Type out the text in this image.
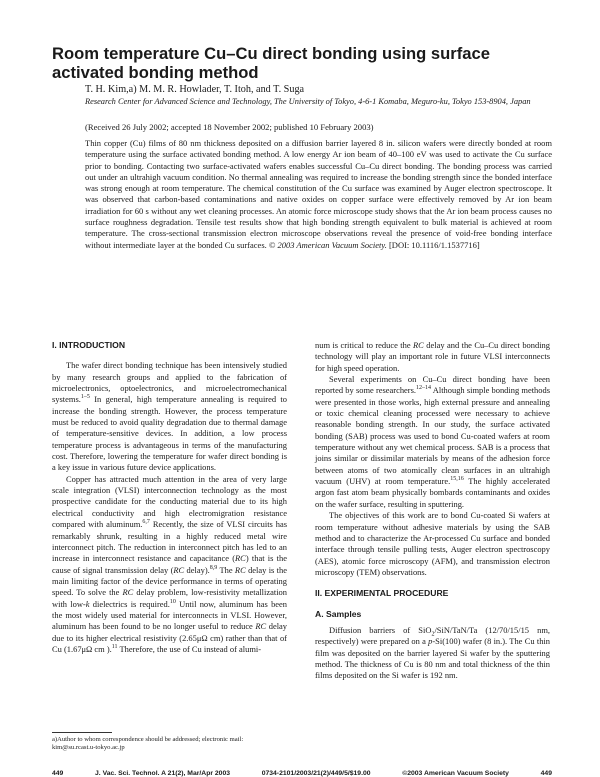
Room temperature Cu–Cu direct bonding using surface activated bonding method
T. H. Kim,a) M. M. R. Howlader, T. Itoh, and T. Suga
Research Center for Advanced Science and Technology, The University of Tokyo, 4-6-1 Komaba, Meguro-ku, Tokyo 153-8904, Japan
(Received 26 July 2002; accepted 18 November 2002; published 10 February 2003)
Thin copper (Cu) films of 80 nm thickness deposited on a diffusion barrier layered 8 in. silicon wafers were directly bonded at room temperature using the surface activated bonding method. A low energy Ar ion beam of 40–100 eV was used to activate the Cu surface prior to bonding. Contacting two surface-activated wafers enables successful Cu–Cu direct bonding. The bonding process was carried out under an ultrahigh vacuum condition. No thermal annealing was required to increase the bonding strength since the bonded interface was strong enough at room temperature. The chemical constitution of the Cu surface was examined by Auger electron spectroscope. It was observed that carbon-based contaminations and native oxides on copper surface were effectively removed by Ar ion beam irradiation for 60 s without any wet cleaning processes. An atomic force microscope study shows that the Ar ion beam process causes no surface roughness degradation. Tensile test results show that high bonding strength equivalent to bulk material is achieved at room temperature. The cross-sectional transmission electron microscope observations reveal the presence of void-free bonding interface without intermediate layer at the bonded Cu surfaces. © 2003 American Vacuum Society. [DOI: 10.1116/1.1537716]
I. INTRODUCTION

The wafer direct bonding technique has been intensively studied by many research groups and applied to the fabrication of microelectronics, optoelectronics, and microelectromechanical systems.$^{1-5}$ In general, high temperature annealing is required to increase the bonding strength. However, the process temperature must be reduced to avoid quality degradation due to thermal damage of temperature-sensitive devices. In addition, a low process temperature process is advantageous in terms of the manufacturing cost. Therefore, lowering the temperature for wafer direct bonding is a key issue in various future device applications.

Copper has attracted much attention in the area of very large scale integration (VLSI) interconnection technology as the most prospective candidate for the conducting material due to its high electrical conductivity and high electromigration resistance compared with aluminum.$^{6,7}$ Recently, the size of VLSI circuits has remarkably shrunk, resulting in a highly reduced metal wire interconnect pitch. The reduction in interconnect pitch has led to an increase in interconnect resistance and capacitance (RC) that is the cause of signal transmission delay (RC delay).$^{8,9}$ The RC delay is the main limiting factor of the device performance in terms of operating speed. To solve the RC delay problem, low-resistivity metallization with low-k dielectrics is required.$^{10}$ Until now, aluminum has been the most widely used material for interconnects in VLSI. However, aluminum has been found to be no longer useful to reduce RC delay due to its higher electrical resistivity (2.65μΩ cm) rather than that of Cu (1.67μΩ cm ).$^{11}$ Therefore, the use of Cu instead of alumi-

num is critical to reduce the RC delay and the Cu–Cu direct bonding technology will play an important role in future VLSI interconnects for high speed operation.

Several experiments on Cu–Cu direct bonding have been reported by some researchers.$^{12-14}$ Although simple bonding methods were presented in those works, high external pressure and annealing or toxic chemical cleaning processed were necessary to achieve reasonable bonding strength. In our study, the surface activated bonding (SAB) process was used to bond Cu-coated wafers at room temperature without any wet chemical process. SAB is a process that joins similar or dissimilar materials by means of the adhesion force between atoms of two atomically clean surfaces in an ultrahigh vacuum (UHV) at room temperature.$^{15,16}$ The highly accelerated argon fast atom beam physically bombards contaminants and oxides on the wafer surface, resulting in sputtering.

The objectives of this work are to bond Cu-coated Si wafers at room temperature without adhesive materials by using the SAB method and to characterize the Ar-processed Cu surface and bonded interface through tensile pulling tests, Auger electron spectroscopy (AES), atomic force microscopy (AFM), and transmission electron microscopy (TEM) observations.

II. EXPERIMENTAL PROCEDURE
A. Samples

Diffusion barriers of SiO$_2$/SiN/TaN/Ta (12/70/15/15 nm, respectively) were prepared on a p-Si(100) wafer (8 in.). The Cu thin film was deposited on the barrier layered Si wafer by the sputtering method. The thickness of Cu is 80 nm and total thickness of the thin films deposited on the Si wafer is 192 nm.

a)Author to whom correspondence should be addressed; electronic mail:
kim@su.rcast.u-tokyo.ac.jp
449	J. Vac. Sci. Technol. A 21(2), Mar/Apr 2003	0734-2101/2003/21(2)/449/5/$19.00	©2003 American Vacuum Society	449
